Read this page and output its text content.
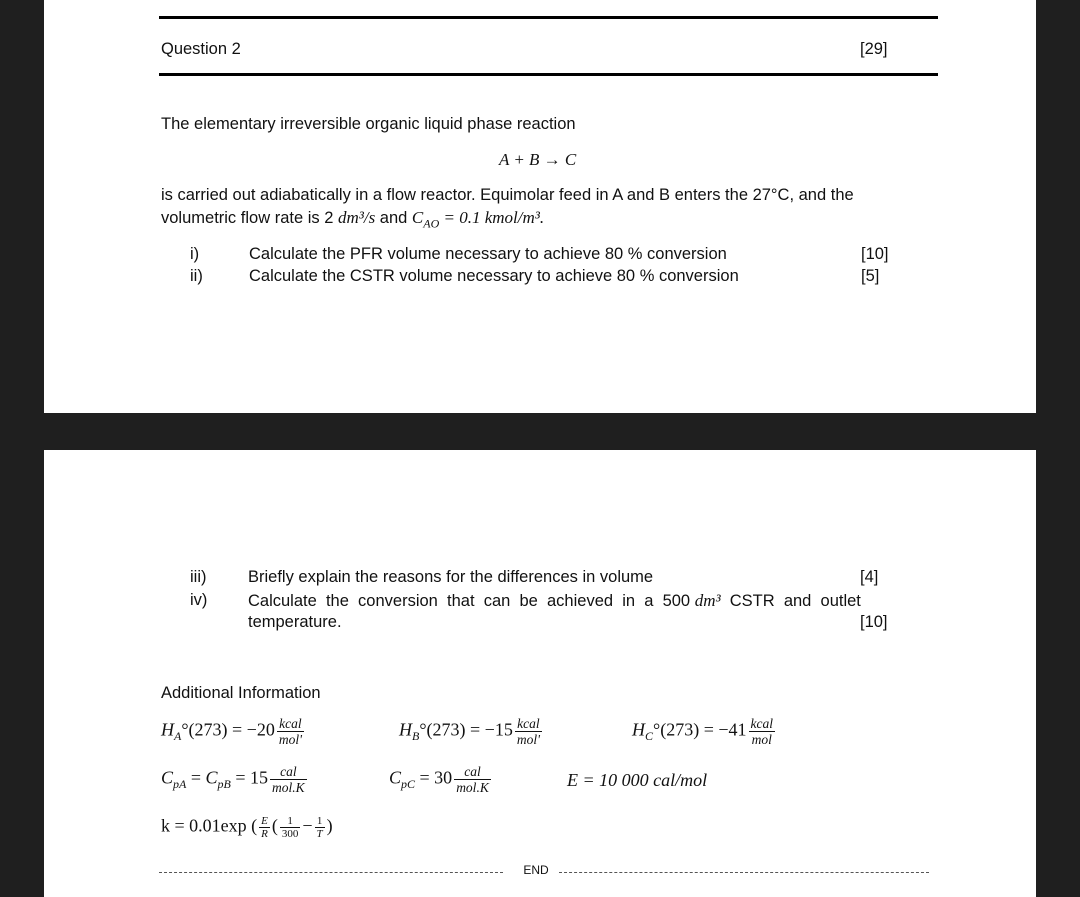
Question 2	[29]
The elementary irreversible organic liquid phase reaction
A + B → C
is carried out adiabatically in a flow reactor. Equimolar feed in A and B enters the 27°C, and the
volumetric flow rate is 2 dm³/s and $C_{AO} = 0.1$ kmol/m³.
i)	Calculate the PFR volume necessary to achieve 80 % conversion	[10]
ii)	Calculate the CSTR volume necessary to achieve 80 % conversion	[5]
iii)	Briefly explain the reasons for the differences in volume	[4]
iv) Calculate  the  conversion  that  can  be  achieved  in  a  500 dm³  CSTR  and  outlet
temperature.	[10]
Additional Information
$H_A^\circ(273) = -20 \frac{\text{kcal}}{\text{mol'}}$	$H_B^\circ(273) = -15 \frac{\text{kcal}}{\text{mol'}}$	$H_C^\circ(273) = -41 \frac{\text{kcal}}{\text{mol}}$
$C_{pA} = C_{pB} = 15 \frac{\text{cal}}{\text{mol.K}}$	$C_{pC} = 30 \frac{\text{cal}}{\text{mol.K}}$	E = 10 000 cal/mol
k = 0.01exp ( $\frac{E}{R}$ ( $\frac{1}{300} - \frac{1}{T}$ )
END
